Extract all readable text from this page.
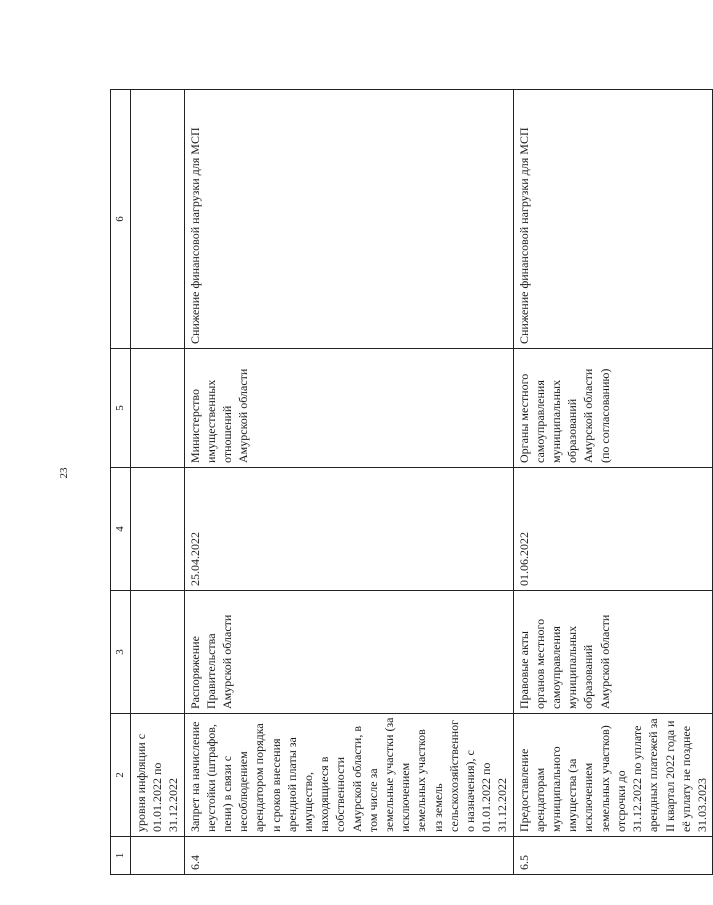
23
1	2	3	4	5	6
	уровня инфляции с 01.01.2022 по 31.12.2022				
6.4	Запрет на начисление неустойки (штрафов, пени) в связи с несоблюдением арендатором порядка и сроков внесения арендной платы за имущество, находящиеся в собственности Амурской области, в том числе за земельные участки (за исключением земельных участков из земель сельскохозяйственного назначения), с 01.01.2022 по 31.12.2022	Распоряжение Правительства Амурской области	25.04.2022	Министерство имущественных отношений Амурской области	Снижение финансовой нагрузки для МСП
6.5	Предоставление арендаторам муниципального имущества (за исключением земельных участков) отсрочки до 31.12.2022 по уплате арендных платежей за II квартал 2022 года и её уплату не позднее 31.03.2023	Правовые акты органов местного самоуправления муниципальных образований Амурской области	01.06.2022	Органы местного самоуправления муниципальных образований Амурской области (по согласованию)	Снижение финансовой нагрузки для МСП
